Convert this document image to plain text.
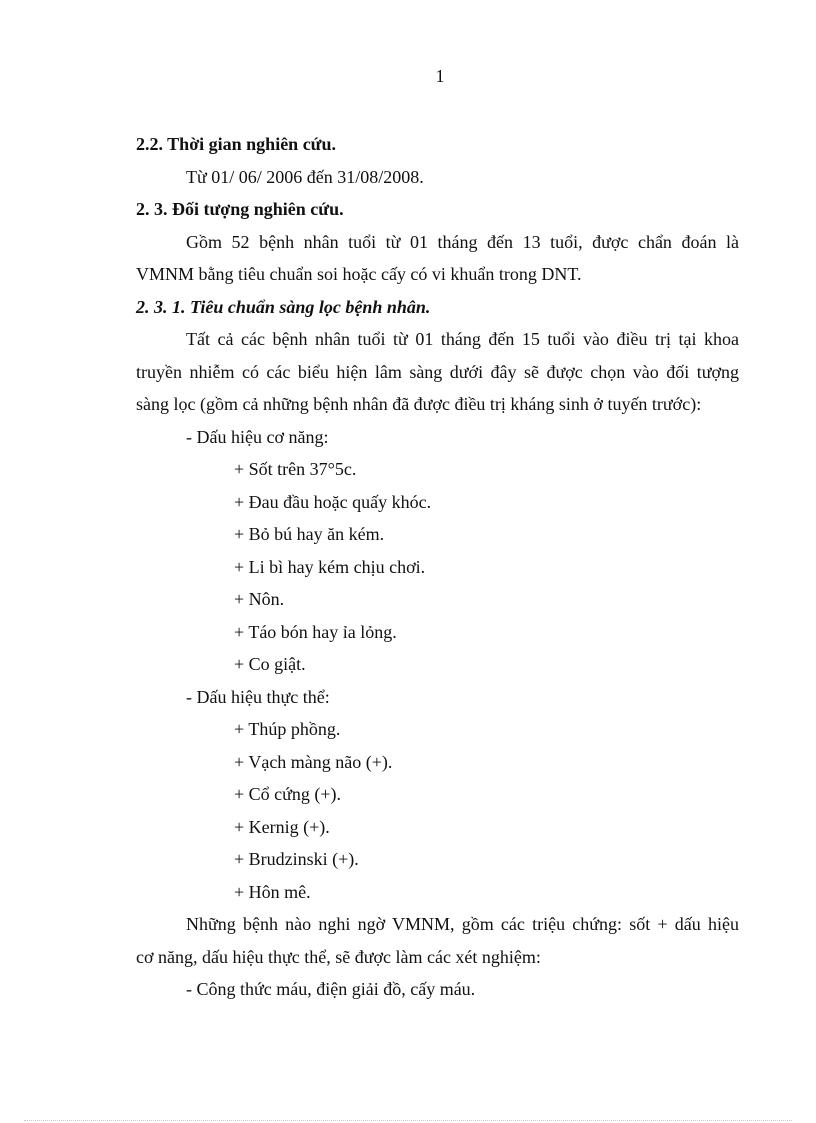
1
2.2. Thời gian nghiên cứu.
Từ 01/ 06/ 2006 đến 31/08/2008.
2. 3. Đối tượng nghiên cứu.
Gồm 52 bệnh nhân tuổi từ 01 tháng đến 13 tuổi, được chẩn đoán là
VMNM bằng tiêu chuẩn soi hoặc cấy có vi khuẩn trong DNT.
2. 3. 1. Tiêu chuẩn sàng lọc bệnh nhân.
Tất cả các bệnh nhân tuổi từ 01 tháng đến 15 tuổi vào điều trị tại khoa
truyền nhiễm có các biểu hiện lâm sàng dưới đây sẽ được chọn vào đối tượng
sàng lọc (gồm cả những bệnh nhân đã được điều trị kháng sinh ở tuyến trước):
- Dấu hiệu cơ năng:
+ Sốt trên 37°5c.
+ Đau đầu hoặc quấy khóc.
+ Bỏ bú hay ăn kém.
+ Li bì hay kém chịu chơi.
+ Nôn.
+ Táo bón hay ỉa lỏng.
+ Co giật.
- Dấu hiệu thực thể:
+ Thúp phồng.
+ Vạch màng não (+).
+ Cổ cứng (+).
+ Kernig (+).
+ Brudzinski (+).
+ Hôn mê.
Những bệnh nào nghi ngờ VMNM, gồm các triệu chứng: sốt + dấu hiệu
cơ năng, dấu hiệu thực thể, sẽ được làm các xét nghiệm:
- Công thức máu, điện giải đồ, cấy máu.
